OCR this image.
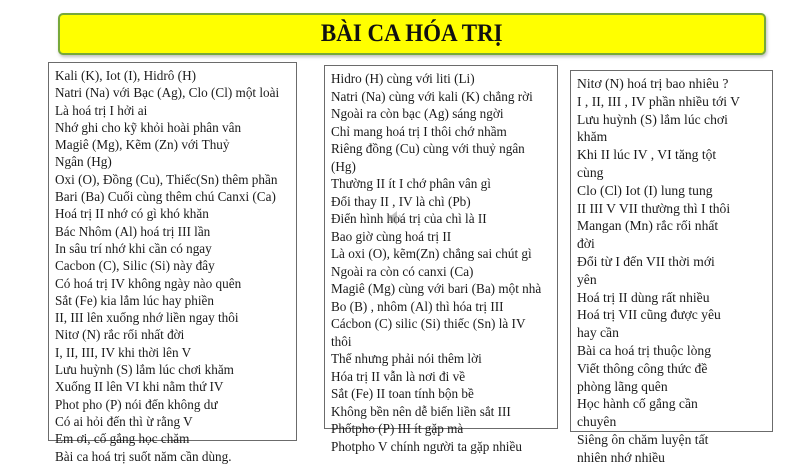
BÀI CA HÓA TRỊ
Kali (K), Iot (I), Hidrô (H)
Natri (Na) với Bạc (Ag), Clo (Cl) một loài
Là hoá trị I hởi ai
Nhớ ghi cho kỹ khỏi hoài phân vân
Magiê (Mg), Kẽm (Zn) với Thuỷ
Ngân (Hg)
Oxi (O), Đồng (Cu), Thiếc(Sn) thêm phần
Bari (Ba) Cuối cùng thêm chú Canxi (Ca)
Hoá trị II nhớ có gì khó khăn
Bác Nhôm (Al) hoá trị III lần
In sâu trí nhớ khi cần có ngay
Cacbon (C), Silic (Si) này đây
Có hoá trị IV không ngày nào quên
Sắt (Fe) kia lắm lúc hay phiền
II, III lên xuống nhớ liền ngay thôi
Nitơ (N) rắc rối nhất đời
I, II, III, IV khi thời lên V
Lưu huỳnh (S) lắm lúc chơi khăm
Xuống II lên VI khi nằm thứ IV
Phot pho (P) nói đến không dư
Có ai hỏi đến thì ừ rằng V
Em ơi, cố gắng học chăm
Bài ca hoá trị suốt năm cần dùng.
Hidro (H) cùng với liti (Li)
Natri (Na) cùng với kali (K) chẳng rời
Ngoài ra còn bạc (Ag) sáng ngời
Chỉ mang hoá trị I thôi chớ nhầm
Riêng đồng (Cu) cùng với thuỷ ngân
(Hg)
Thường II ít I chớ phân vân gì
Đổi thay II , IV là chì (Pb)
Điển hình hoá trị của chì là II
Bao giờ cùng hoá trị II
Là oxi (O), kẽm(Zn) chẳng sai chút gì
Ngoài ra còn có canxi (Ca)
Magiê (Mg) cùng với bari (Ba) một nhà
Bo (B) , nhôm (Al) thì hóa trị III
Cácbon (C) silic (Si) thiếc (Sn) là IV
thôi
Thế nhưng phải nói thêm lời
Hóa trị II vẫn là nơi đi về
Sắt (Fe) II toan tính bộn bề
Không bền nên dễ biến liền sắt III
Phốtpho (P) III ít gặp mà
Photpho V chính người ta gặp nhiều
Nitơ (N) hoá trị bao nhiêu ?
I , II, III , IV phần nhiều tới V
Lưu huỳnh (S) lắm lúc chơi
khăm
Khi II lúc IV , VI tăng tột
cùng
Clo (Cl) Iot (I) lung tung
II III V VII thường thì I thôi
Mangan (Mn) rắc rối nhất
đời
Đổi từ I đến VII thời mới
yên
Hoá trị II dùng rất nhiều
Hoá trị VII cũng được yêu
hay cần
Bài ca hoá trị thuộc lòng
Viết thông công thức đề
phòng lãng quên
Học hành cố gắng cần
chuyên
Siêng ôn chăm luyện tất
nhiên nhớ nhiều
